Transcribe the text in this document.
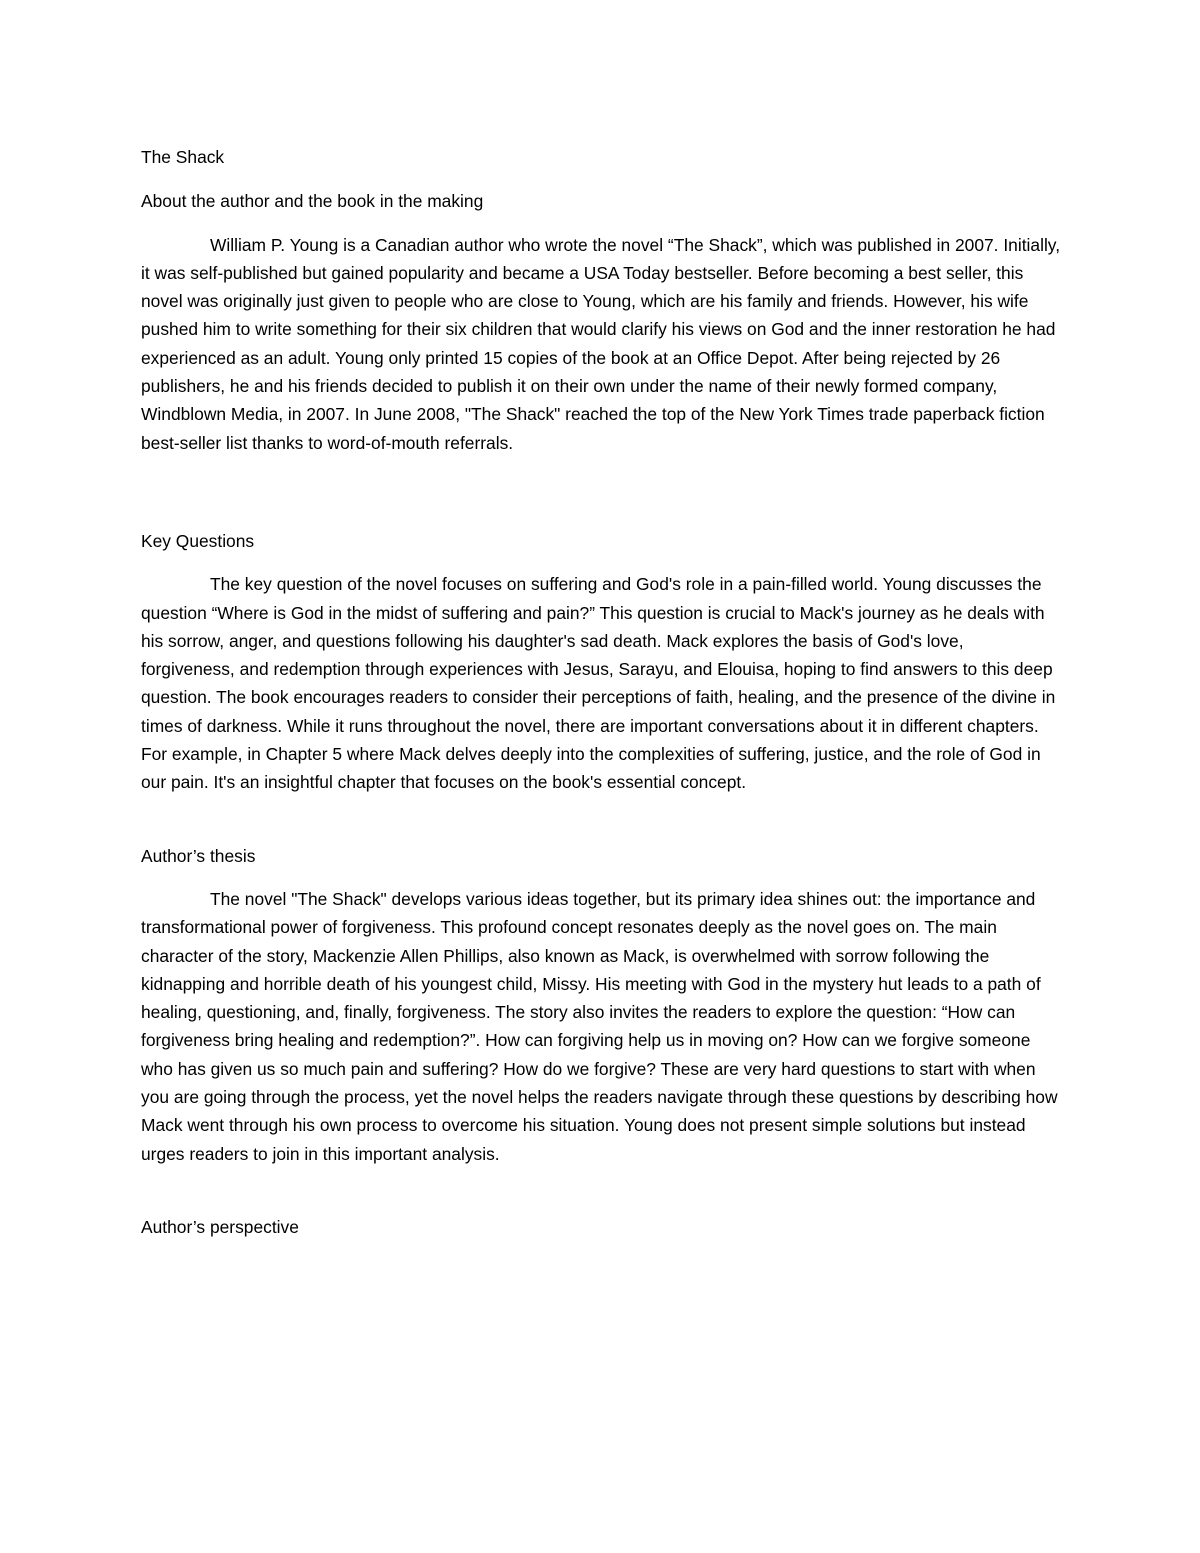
The Shack

About the author and the book in the making

William P. Young is a Canadian author who wrote the novel “The Shack”, which was published in 2007. Initially, it was self-published but gained popularity and became a USA Today bestseller. Before becoming a best seller, this novel was originally just given to people who are close to Young, which are his family and friends. However, his wife pushed him to write something for their six children that would clarify his views on God and the inner restoration he had experienced as an adult. Young only printed 15 copies of the book at an Office Depot. After being rejected by 26 publishers, he and his friends decided to publish it on their own under the name of their newly formed company, Windblown Media, in 2007. In June 2008, "The Shack" reached the top of the New York Times trade paperback fiction best-seller list thanks to word-of-mouth referrals.

Key Questions

The key question of the novel focuses on suffering and God's role in a pain-filled world. Young discusses the question “Where is God in the midst of suffering and pain?” This question is crucial to Mack's journey as he deals with his sorrow, anger, and questions following his daughter's sad death. Mack explores the basis of God's love, forgiveness, and redemption through experiences with Jesus, Sarayu, and Elouisa, hoping to find answers to this deep question. The book encourages readers to consider their perceptions of faith, healing, and the presence of the divine in times of darkness. While it runs throughout the novel, there are important conversations about it in different chapters. For example, in Chapter 5 where Mack delves deeply into the complexities of suffering, justice, and the role of God in our pain. It's an insightful chapter that focuses on the book's essential concept.

Author’s thesis

The novel "The Shack" develops various ideas together, but its primary idea shines out: the importance and transformational power of forgiveness. This profound concept resonates deeply as the novel goes on. The main character of the story, Mackenzie Allen Phillips, also known as Mack, is overwhelmed with sorrow following the kidnapping and horrible death of his youngest child, Missy. His meeting with God in the mystery hut leads to a path of healing, questioning, and, finally, forgiveness. The story also invites the readers to explore the question: “How can forgiveness bring healing and redemption?”. How can forgiving help us in moving on? How can we forgive someone who has given us so much pain and suffering? How do we forgive? These are very hard questions to start with when you are going through the process, yet the novel helps the readers navigate through these questions by describing how Mack went through his own process to overcome his situation. Young does not present simple solutions but instead urges readers to join in this important analysis.

Author’s perspective
